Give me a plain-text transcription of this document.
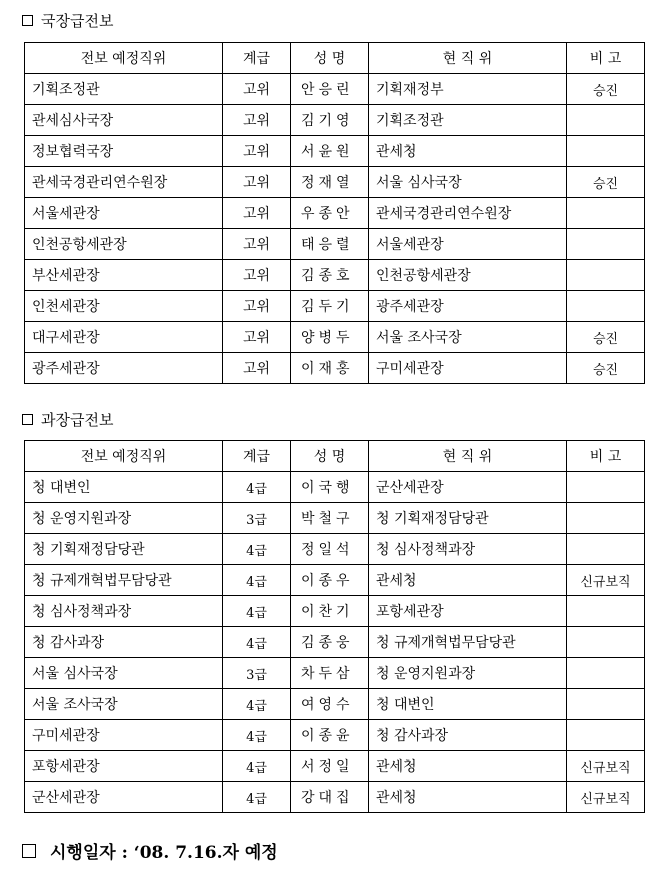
국장급전보
전보 예정직위	계급	성 명	현 직 위	비 고
기획조정관	고위	안응린	기획재정부	승진
관세심사국장	고위	김기영	기획조정관	
정보협력국장	고위	서윤원	관세청	
관세국경관리연수원장	고위	정재열	서울 심사국장	승진
서울세관장	고위	우종안	관세국경관리연수원장	
인천공항세관장	고위	태응렬	서울세관장	
부산세관장	고위	김종호	인천공항세관장	
인천세관장	고위	김두기	광주세관장	
대구세관장	고위	양병두	서울 조사국장	승진
광주세관장	고위	이재홍	구미세관장	승진
과장급전보
전보 예정직위	계급	성 명	현 직 위	비 고
청 대변인	4급	이국행	군산세관장	
청 운영지원과장	3급	박철구	청 기획재정담당관	
청 기획재정담당관	4급	정일석	청 심사정책과장	
청 규제개혁법무담당관	4급	이종우	관세청	신규보직
청 심사정책과장	4급	이찬기	포항세관장	
청 감사과장	4급	김종웅	청 규제개혁법무담당관	
서울 심사국장	3급	차두삼	청 운영지원과장	
서울 조사국장	4급	여영수	청 대변인	
구미세관장	4급	이종윤	청 감사과장	
포항세관장	4급	서정일	관세청	신규보직
군산세관장	4급	강대집	관세청	신규보직
시행일자 : ‘08. 7.16.자 예정
